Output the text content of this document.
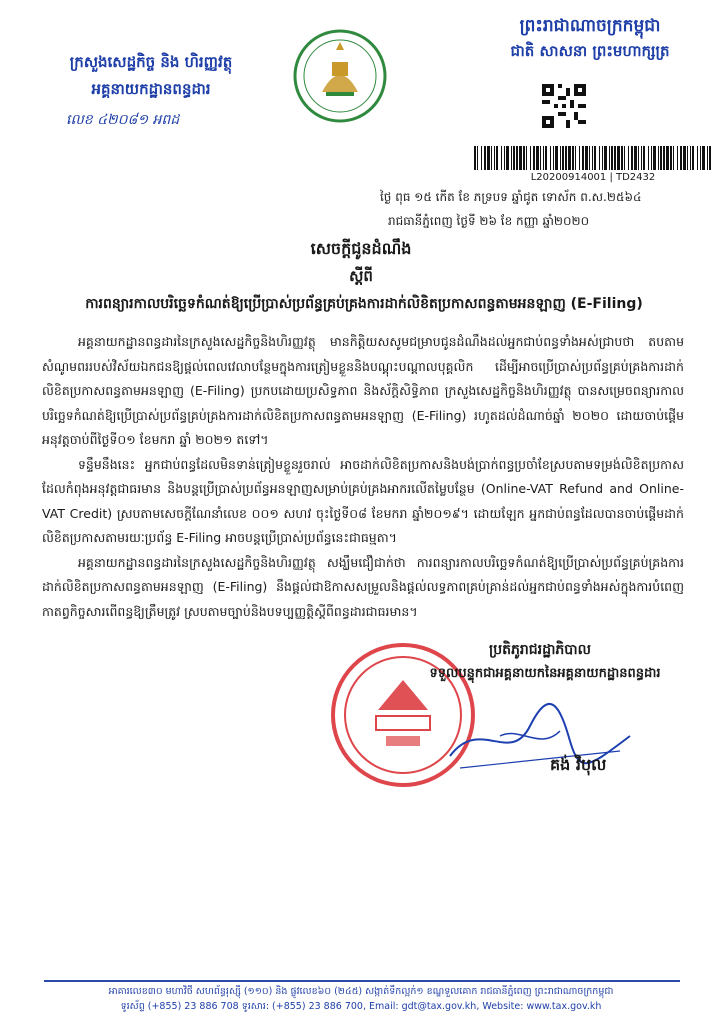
ក្រសួងសេដ្ឋកិច្ច និង ហិរញ្ញវត្ថុ
អគ្គនាយកដ្ឋានពន្ធដារ
លេខ ៤២០៨១ អពដ
ព្រះរាជាណាចក្រកម្ពុជា
ជាតិ សាសនា ព្រះមហាក្សត្រ
L20200914001 | TD2432
ថ្ងៃ ពុធ ១៥ កើត ខែ ភទ្របទ ឆ្នាំជូត ទោស័ក ព.ស.២៥៦៤
រាជធានីភ្នំពេញ ថ្ងៃទី ២៦ ខែ កញ្ញា ឆ្នាំ២០២០
សេចក្តីជូនដំណឹង
ស្តីពី
ការពន្យារកាលបរិច្ឆេទកំណត់ឱ្យប្រើប្រាស់ប្រព័ន្ធគ្រប់គ្រងការដាក់លិខិតប្រកាសពន្ធតាមអនឡាញ (E-Filing)

អគ្គនាយកដ្ឋានពន្ធដារនៃក្រសួងសេដ្ឋកិច្ចនិងហិរញ្ញវត្ថុ មានកិត្តិយសសូមជម្រាបជូនដំណឹងដល់អ្នកជាប់ពន្ធទាំងអស់ជ្រាបថា តបតាមសំណូមពររបស់វិស័យឯកជនឱ្យផ្តល់ពេលវេលាបន្ថែមក្នុងការត្រៀមខ្លួននិងបណ្តុះបណ្តាលបុគ្គលិក ដើម្បីអាចប្រើប្រាស់ប្រព័ន្ធគ្រប់គ្រងការដាក់លិខិតប្រកាសពន្ធតាមអនឡាញ (E-Filing) ប្រកបដោយប្រសិទ្ធភាព និងស័ក្តិសិទ្ធិភាព ក្រសួងសេដ្ឋកិច្ចនិងហិរញ្ញវត្ថុ បានសម្រេចពន្យារកាលបរិច្ឆេទកំណត់ឱ្យប្រើប្រាស់ប្រព័ន្ធគ្រប់គ្រងការដាក់លិខិតប្រកាសពន្ធតាមអនឡាញ (E-Filing) រហូតដល់ដំណាច់ឆ្នាំ ២០២០ ដោយចាប់ផ្តើមអនុវត្តចាប់ពីថ្ងៃទី០១ ខែមករា ឆ្នាំ ២០២១ តទៅ។

ទន្ទឹមនឹងនេះ អ្នកជាប់ពន្ធដែលមិនទាន់ត្រៀមខ្លួនរួចរាល់ អាចដាក់លិខិតប្រកាសនិងបង់ប្រាក់ពន្ធប្រចាំខែស្របតាមទម្រង់លិខិតប្រកាសដែលកំពុងអនុវត្តជាធរមាន និងបន្តប្រើប្រាស់ប្រព័ន្ធអនឡាញសម្រាប់គ្រប់គ្រងអាករលើតម្លៃបន្ថែម (Online-VAT Refund and Online-VAT Credit) ស្របតាមសេចក្តីណែនាំលេខ ០០១ សហវ ចុះថ្ងៃទី០៨ ខែមករា ឆ្នាំ២០១៩។ ដោយឡែក អ្នកជាប់ពន្ធដែលបានចាប់ផ្តើមដាក់លិខិតប្រកាសតាមរយៈប្រព័ន្ធ E-Filing អាចបន្តប្រើប្រាស់ប្រព័ន្ធនេះជាធម្មតា។

អគ្គនាយកដ្ឋានពន្ធដារនៃក្រសួងសេដ្ឋកិច្ចនិងហិរញ្ញវត្ថុ សង្ឃឹមជឿជាក់ថា ការពន្យារកាលបរិច្ឆេទកំណត់ឱ្យប្រើប្រាស់ប្រព័ន្ធគ្រប់គ្រងការដាក់លិខិតប្រកាសពន្ធតាមអនឡាញ (E-Filing) នឹងផ្តល់ជាឱកាសសម្រួលនិងផ្តល់លទ្ធភាពគ្រប់គ្រាន់ដល់អ្នកជាប់ពន្ធទាំងអស់ក្នុងការបំពេញកាតព្វកិច្ចសារពើពន្ធឱ្យត្រឹមត្រូវ ស្របតាមច្បាប់និងបទប្បញ្ញត្តិស្តីពីពន្ធដារជាធរមាន។

ប្រតិភូរាជរដ្ឋាភិបាល
ទទួលបន្ទុកជាអគ្គនាយកនៃអគ្គនាយកដ្ឋានពន្ធដារ
គង់ វិបុល
អាគារលេខ៣០ មហាវិថី សហព័ន្ធរុស្ស៊ី (១១០) និង ផ្លូវលេខ៦០ (២៤៥) សង្កាត់ទឹកល្អក់១ ខណ្ឌទួលគោក រាជធានីភ្នំពេញ ព្រះរាជាណាចក្រកម្ពុជា
ទូរស័ព្ទ (+855) 23 886 708 ទូរសារ: (+855) 23 886 700, Email: gdt@tax.gov.kh, Website: www.tax.gov.kh
